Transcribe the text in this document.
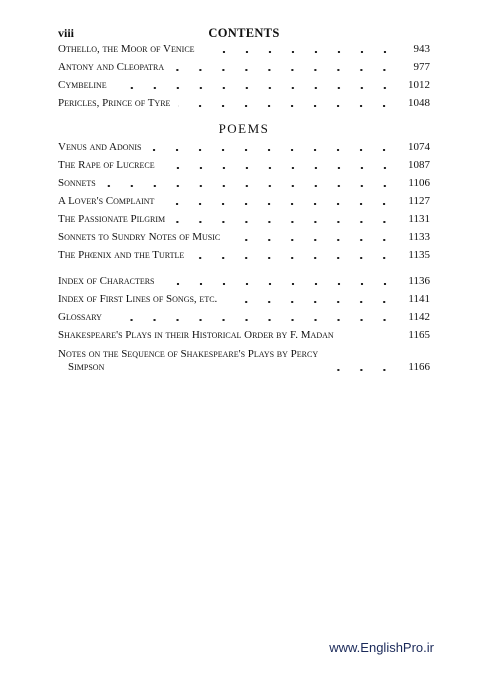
viii	CONTENTS
Othello, the Moor of Venice	943
Antony and Cleopatra	977
Cymbeline	1012
Pericles, Prince of Tyre	1048
POEMS
Venus and Adonis	1074
The Rape of Lucrece	1087
Sonnets	1106
A Lover's Complaint	1127
The Passionate Pilgrim	1131
Sonnets to Sundry Notes of Music	1133
The Phœnix and the Turtle	1135
Index of Characters	1136
Index of First Lines of Songs, etc.	1141
Glossary	1142
Shakespeare's Plays in their Historical Order by F. Madan	1165
Notes on the Sequence of Shakespeare's Plays by Percy
Simpson	1166
www.EnglishPro.ir
